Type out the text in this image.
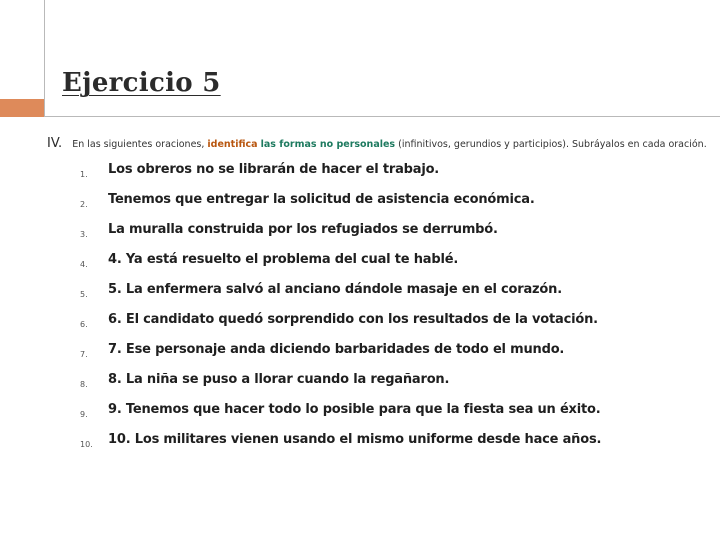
Ejercicio 5
IV. En las siguientes oraciones, identifica las formas no personales (infinitivos, gerundios y participios). Subráyalos en cada oración.
1.	Los obreros no se librarán de hacer el trabajo.
2.	Tenemos que entregar la solicitud de asistencia económica.
3.	La muralla construida por los refugiados se derrumbó.
4.	4. Ya está resuelto el problema del cual te hablé.
5.	5. La enfermera salvó al anciano dándole masaje en el corazón.
6.	6. El candidato quedó sorprendido con los resultados de la votación.
7.	7. Ese personaje anda diciendo barbaridades de todo el mundo.
8.	8. La niña se puso a llorar cuando la regañaron.
9.	9. Tenemos que hacer todo lo posible para que la fiesta sea un éxito.
10.	10. Los militares vienen usando el mismo uniforme desde hace años.
